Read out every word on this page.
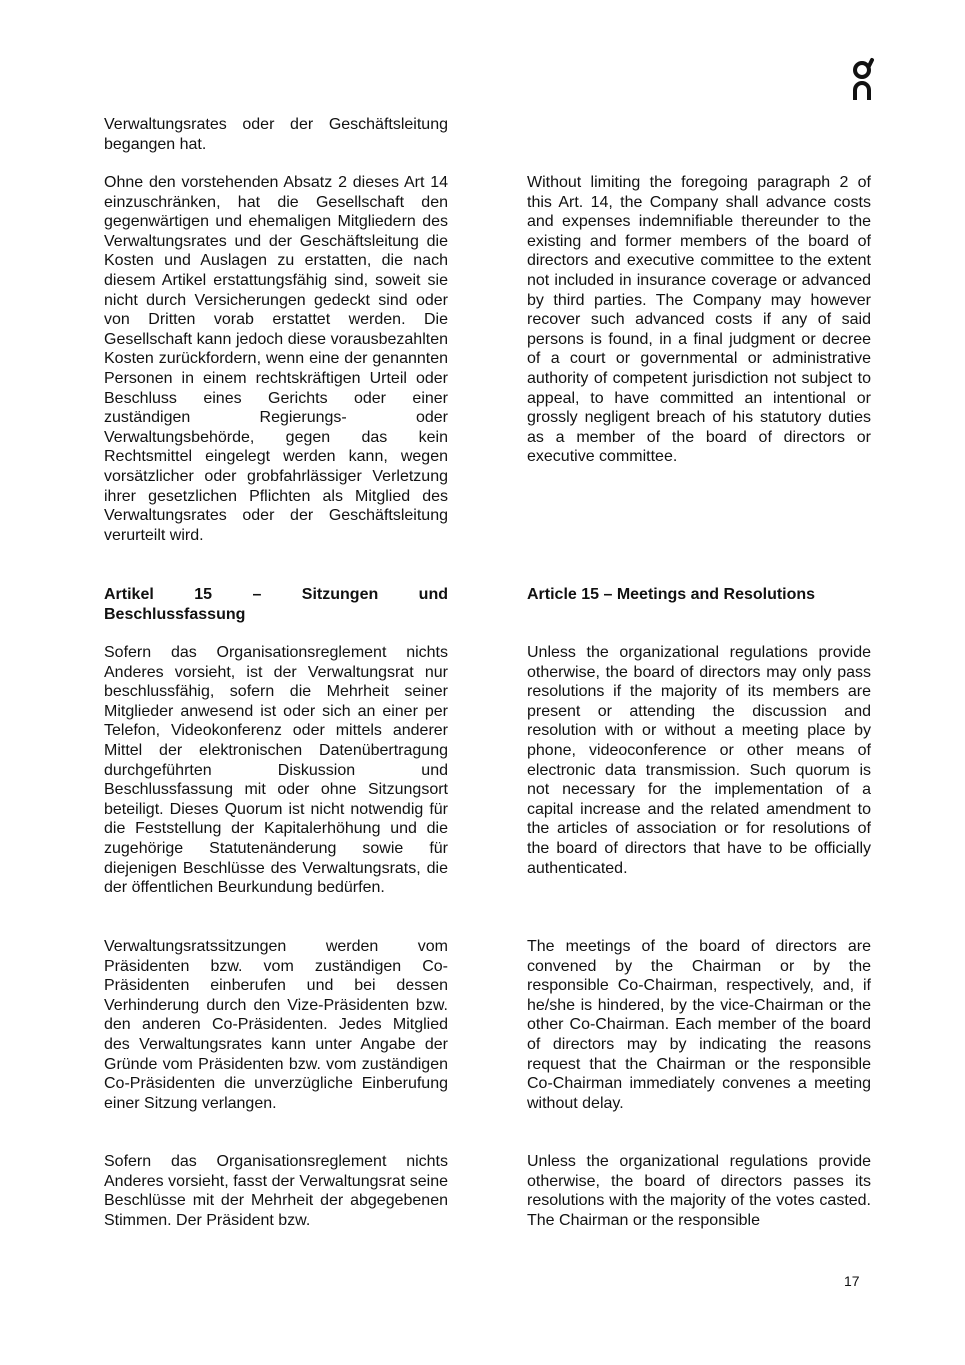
Verwaltungsrates oder der Geschäftsleitung begangen hat.

Ohne den vorstehenden Absatz 2 dieses Art 14 einzuschränken, hat die Gesellschaft den gegenwärtigen und ehemaligen Mitgliedern des Verwaltungsrates und der Geschäftsleitung die Kosten und Auslagen zu erstatten, die nach diesem Artikel erstattungsfähig sind, soweit sie nicht durch Versicherungen gedeckt sind oder von Dritten vorab erstattet werden. Die Gesellschaft kann jedoch diese vorausbezahlten Kosten zurückfordern, wenn eine der genannten Personen in einem rechtskräftigen Urteil oder Beschluss eines Gerichts oder einer zuständigen Regierungs- oder Verwaltungsbehörde, gegen das kein Rechtsmittel eingelegt werden kann, wegen vorsätzlicher oder grobfahrlässiger Verletzung ihrer gesetzlichen Pflichten als Mitglied des Verwaltungsrates oder der Geschäftsleitung verurteilt wird.

Without limiting the foregoing paragraph 2 of this Art. 14, the Company shall advance costs and expenses indemnifiable thereunder to the existing and former members of the board of directors and executive committee to the extent not included in insurance coverage or advanced by third parties. The Company may however recover such advanced costs if any of said persons is found, in a final judgment or decree of a court or governmental or administrative authority of competent jurisdiction not subject to appeal, to have committed an intentional or grossly negligent breach of his statutory duties as a member of the board of directors or executive committee.

Artikel 15 – Sitzungen und Beschlussfassung

Article 15 – Meetings and Resolutions

Sofern das Organisationsreglement nichts Anderes vorsieht, ist der Verwaltungsrat nur beschlussfähig, sofern die Mehrheit seiner Mitglieder anwesend ist oder sich an einer per Telefon, Videokonferenz oder mittels anderer Mittel der elektronischen Datenübertragung durchgeführten Diskussion und Beschlussfassung mit oder ohne Sitzungsort beteiligt. Dieses Quorum ist nicht notwendig für die Feststellung der Kapitalerhöhung und die zugehörige Statutenänderung sowie für diejenigen Beschlüsse des Verwaltungsrats, die der öffentlichen Beurkundung bedürfen.

Unless the organizational regulations provide otherwise, the board of directors may only pass resolutions if the majority of its members are present or attending the discussion and resolution with or without a meeting place by phone, videoconference or other means of electronic data transmission. Such quorum is not necessary for the implementation of a capital increase and the related amendment to the articles of association or for resolutions of the board of directors that have to be officially authenticated.

Verwaltungsratssitzungen werden vom Präsidenten bzw. vom zuständigen Co-Präsidenten einberufen und bei dessen Verhinderung durch den Vize-Präsidenten bzw. den anderen Co-Präsidenten. Jedes Mitglied des Verwaltungsrates kann unter Angabe der Gründe vom Präsidenten bzw. vom zuständigen Co-Präsidenten die unverzügliche Einberufung einer Sitzung verlangen.

The meetings of the board of directors are convened by the Chairman or by the responsible Co-Chairman, respectively, and, if he/she is hindered, by the vice-Chairman or the other Co-Chairman. Each member of the board of directors may by indicating the reasons request that the Chairman or the responsible Co-Chairman immediately convenes a meeting without delay.

Sofern das Organisationsreglement nichts Anderes vorsieht, fasst der Verwaltungsrat seine Beschlüsse mit der Mehrheit der abgegebenen Stimmen. Der Präsident bzw.

Unless the organizational regulations provide otherwise, the board of directors passes its resolutions with the majority of the votes casted. The Chairman or the responsible

17
